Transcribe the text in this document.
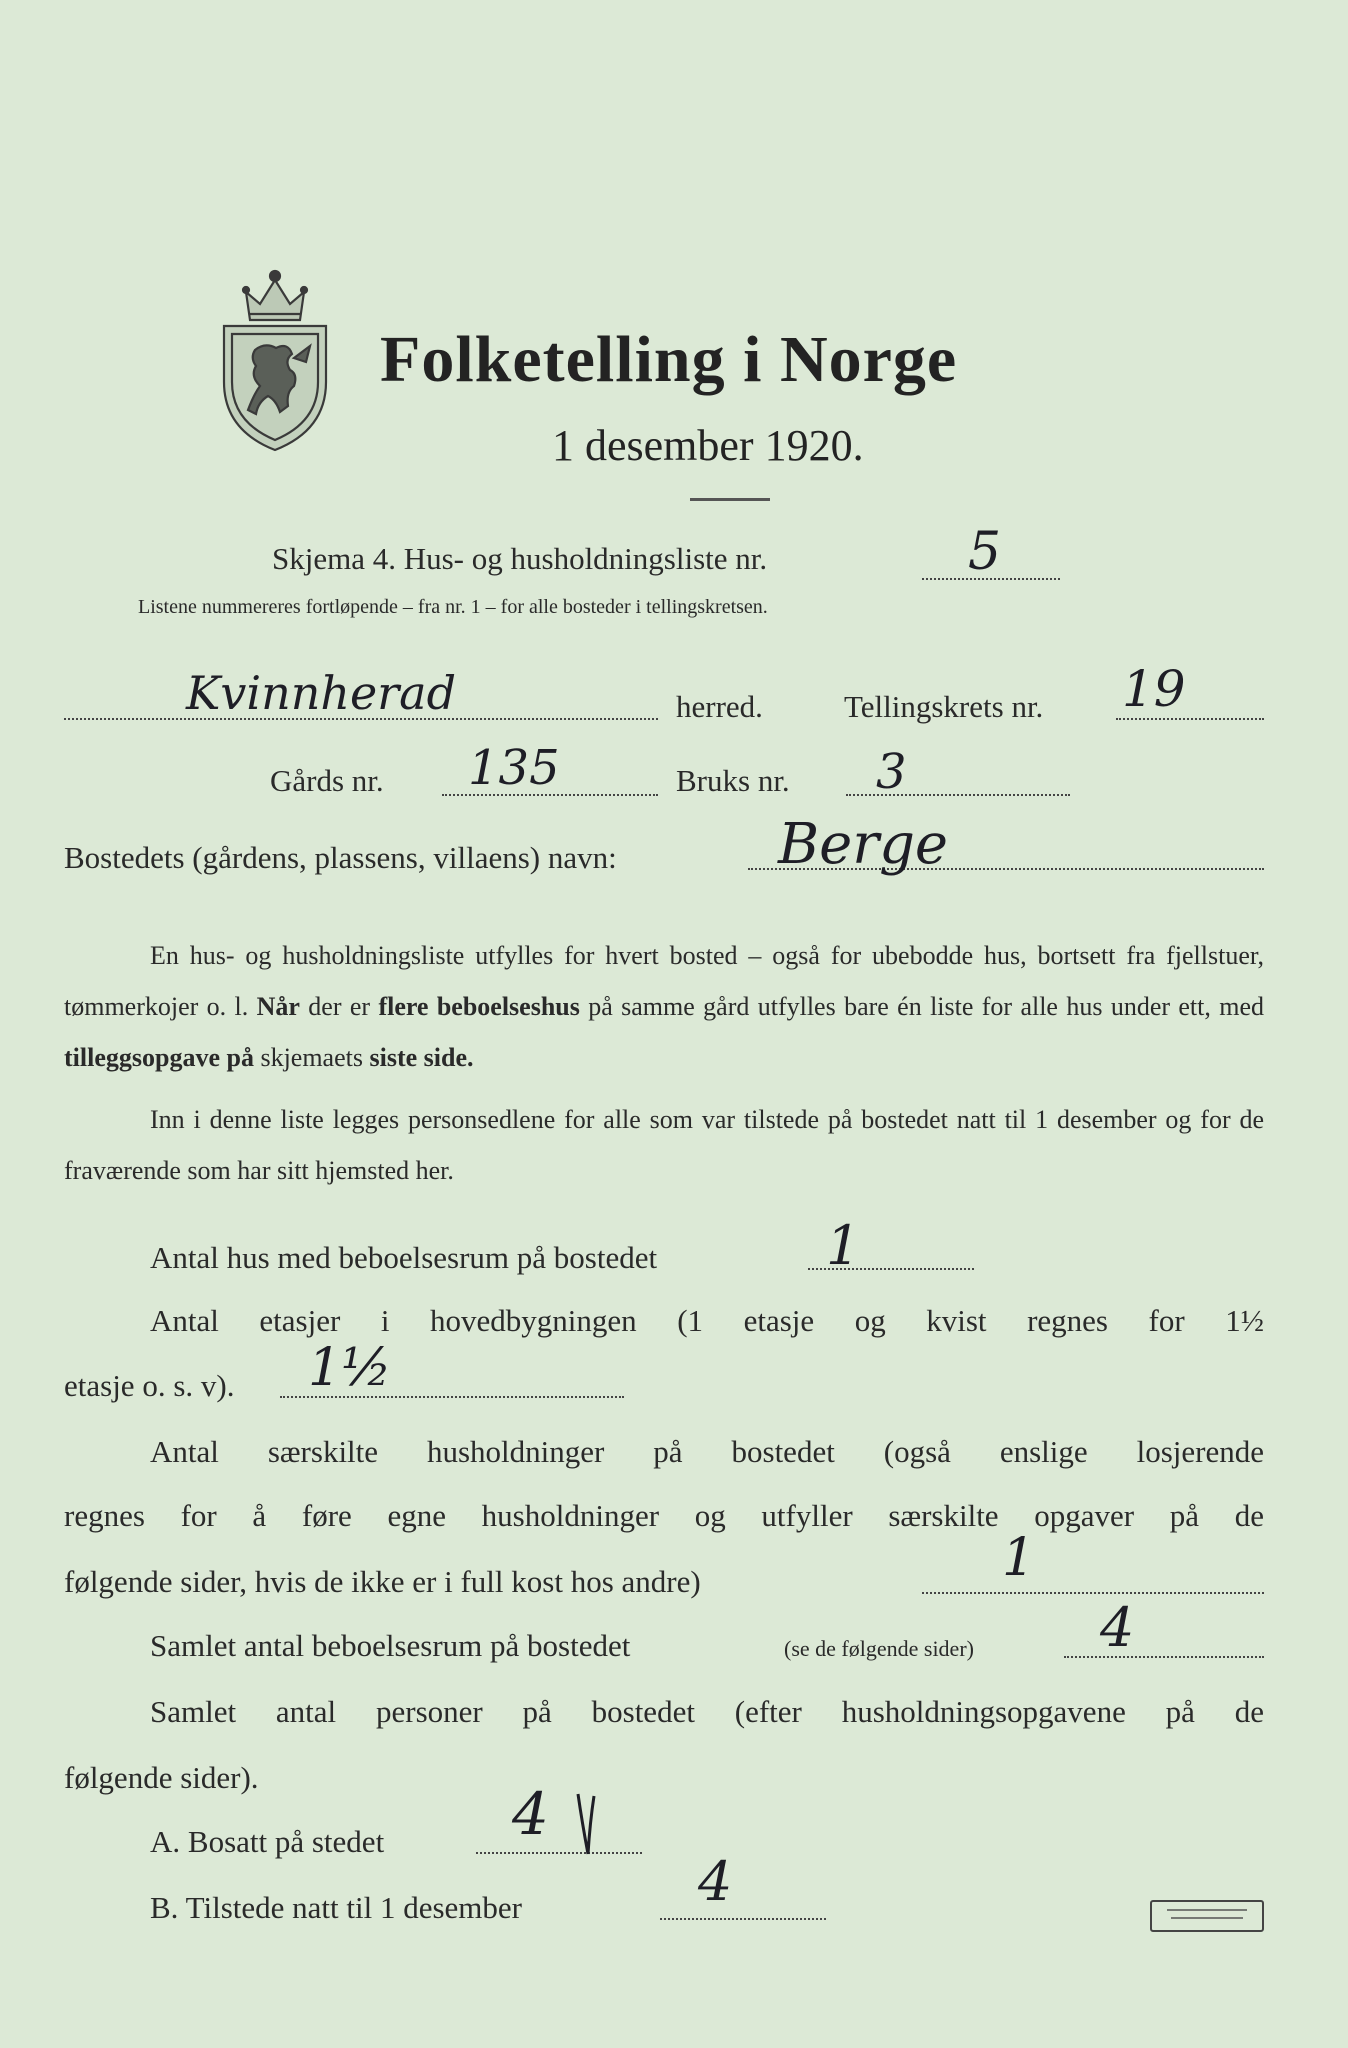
Folketelling i Norge
1 desember 1920.
Skjema 4. Hus- og husholdningsliste nr.	5
Listene nummereres fortløpende – fra nr. 1 – for alle bosteder i tellingskretsen.
Kvinnherad	herred.	Tellingskrets nr. 19
Gårds nr. 135	Bruks nr. 3
Bostedets (gårdens, plassens, villaens) navn:	Berge
En hus- og husholdningsliste utfylles for hvert bosted – også for ubebodde hus, bortsett fra fjellstuer, tømmerkojer o. l. Når der er flere beboelseshus på samme gård utfylles bare én liste for alle hus under ett, med tilleggsopgave på skjemaets siste side.
Inn i denne liste legges personsedlene for alle som var tilstede på bostedet natt til 1 desember og for de fraværende som har sitt hjemsted her.
Antal hus med beboelsesrum på bostedet	1
Antal etasjer i hovedbygningen (1 etasje og kvist regnes for 1½
etasje o. s. v). 1½
Antal særskilte husholdninger på bostedet (også enslige losjerende
regnes for å føre egne husholdninger og utfyller særskilte opgaver på de
følgende sider, hvis de ikke er i full kost hos andre)	1
Samlet antal beboelsesrum på bostedet	(se de følgende sider) 4
Samlet antal personer på bostedet (efter husholdningsopgavene på de
følgende sider).
A. Bosatt på stedet 4
B. Tilstede natt til 1 desember	4
